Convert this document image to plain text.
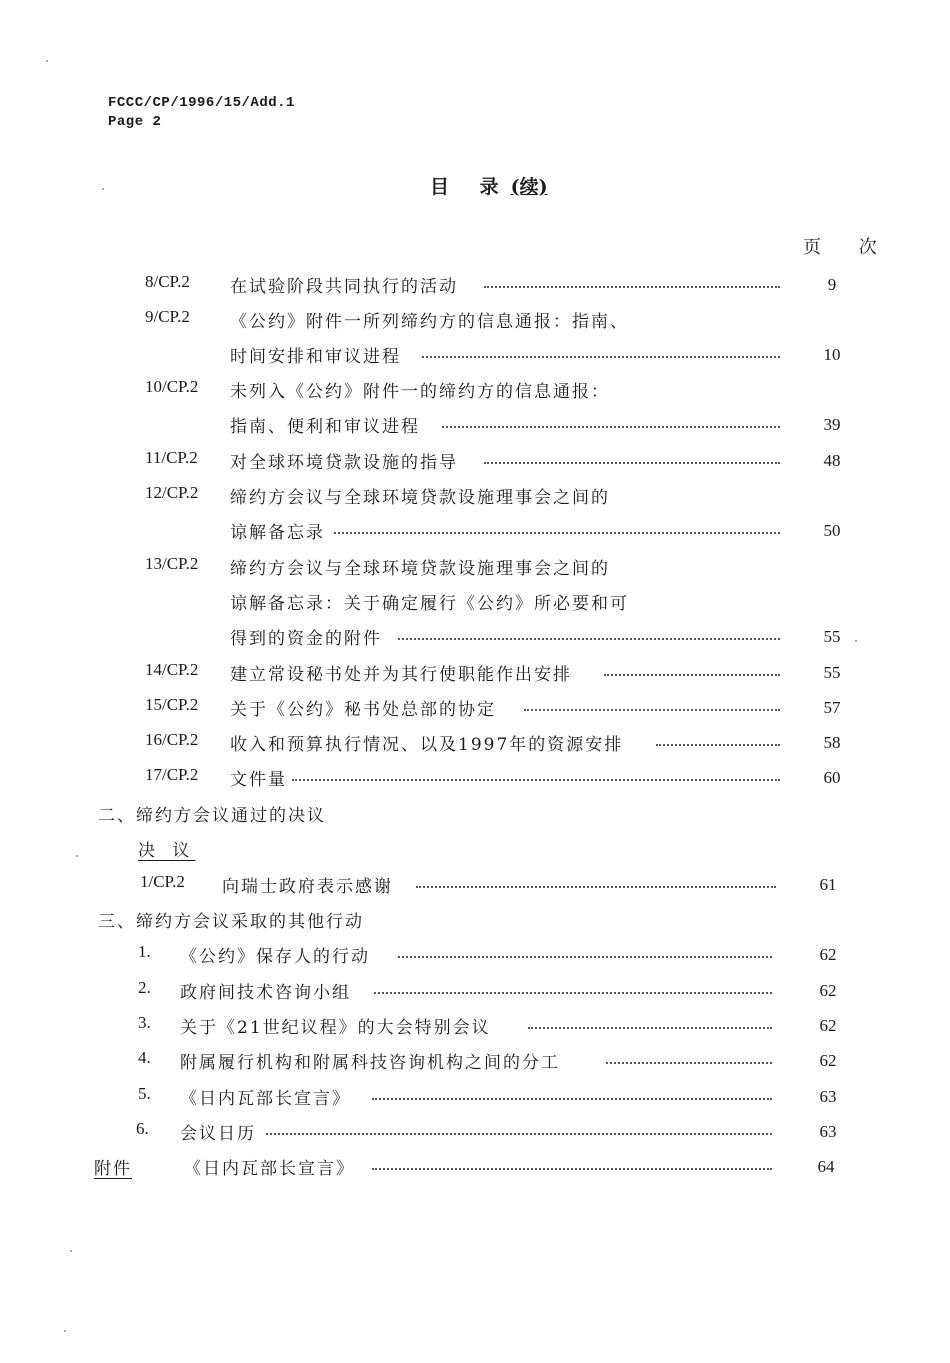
FCCC/CP/1996/15/Add.1
Page 2
目 录(续)
页 次
8/CP.2 在试验阶段共同执行的活动	9
9/CP.2 《公约》附件一所列缔约方的信息通报：指南、
时间安排和审议进程	10
10/CP.2 未列入《公约》附件一的缔约方的信息通报：
指南、便利和审议进程	39
11/CP.2 对全球环境贷款设施的指导	48
12/CP.2 缔约方会议与全球环境贷款设施理事会之间的
谅解备忘录	50
13/CP.2 缔约方会议与全球环境贷款设施理事会之间的
谅解备忘录：关于确定履行《公约》所必要和可
得到的资金的附件	55
14/CP.2 建立常设秘书处并为其行使职能作出安排	55
15/CP.2 关于《公约》秘书处总部的协定	57
16/CP.2 收入和预算执行情况、以及1997年的资源安排	58
17/CP.2 文件量	60
二、缔约方会议通过的决议
决 议
1/CP.2 向瑞士政府表示感谢	61
三、缔约方会议采取的其他行动
1. 《公约》保存人的行动	62
2. 政府间技术咨询小组	62
3. 关于《21世纪议程》的大会特别会议	62
4. 附属履行机构和附属科技咨询机构之间的分工	62
5. 《日内瓦部长宣言》	63
6. 会议日历	63
附件	《日内瓦部长宣言》	64
